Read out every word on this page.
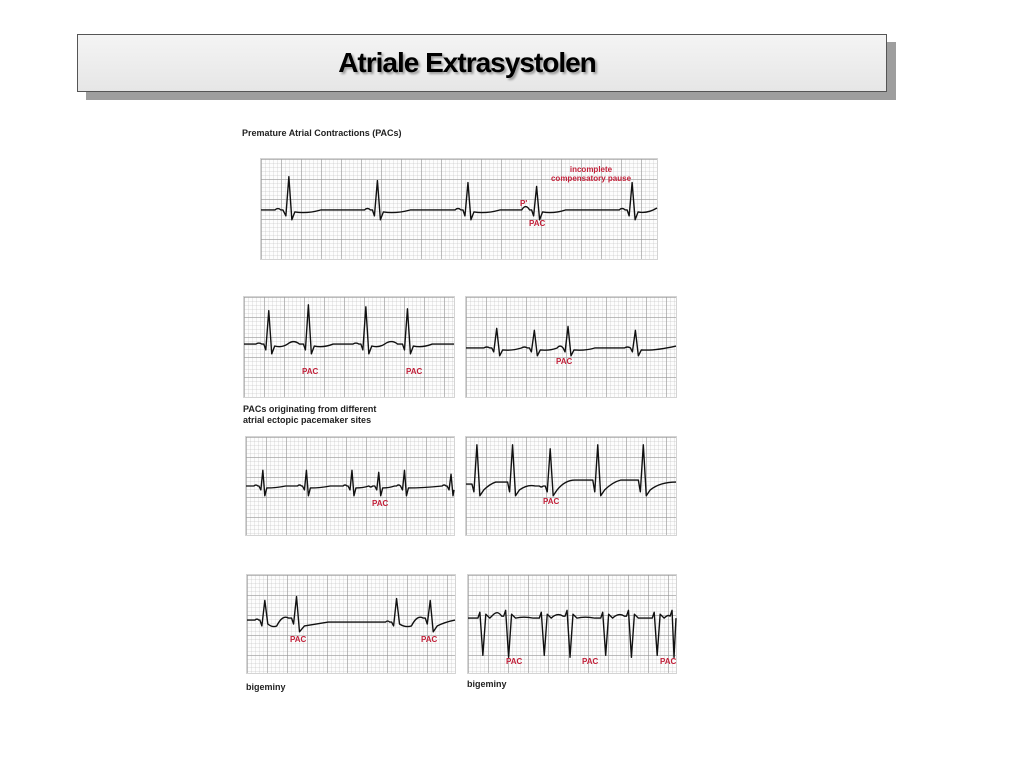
Atriale Extrasystolen
Premature Atrial Contractions (PACs)
incomplete
compensatory pause
P'
PAC
PAC	PAC
PAC
PACs originating from different
atrial ectopic pacemaker sites
PAC	PAC
PAC	PAC
PAC	PAC	PAC
bigeminy	bigeminy
